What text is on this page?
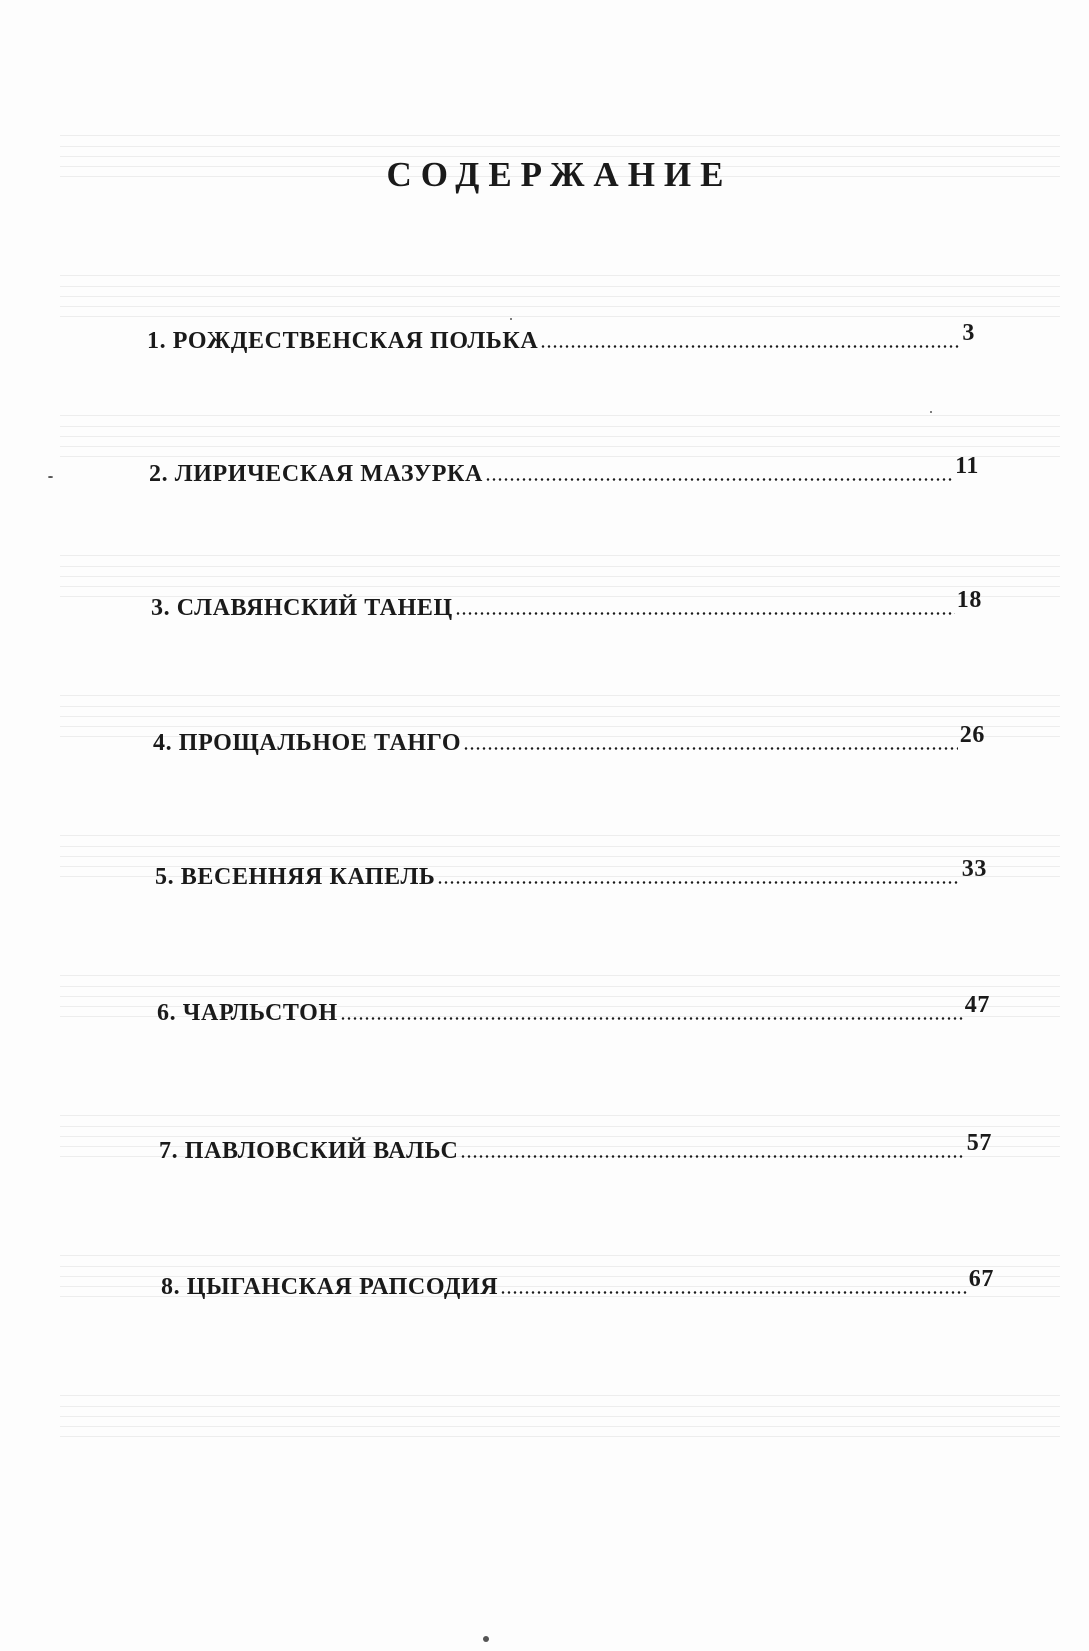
СОДЕРЖАНИЕ
1. РОЖДЕСТВЕНСКАЯ ПОЛЬКА	3
2. ЛИРИЧЕСКАЯ МАЗУРКА	11
3. СЛАВЯНСКИЙ ТАНЕЦ	18
4. ПРОЩАЛЬНОЕ ТАНГО	26
5. ВЕСЕННЯЯ КАПЕЛЬ	33
6. ЧАРЛЬСТОН	47
7. ПАВЛОВСКИЙ ВАЛЬС	57
8. ЦЫГАНСКАЯ РАПСОДИЯ	67
